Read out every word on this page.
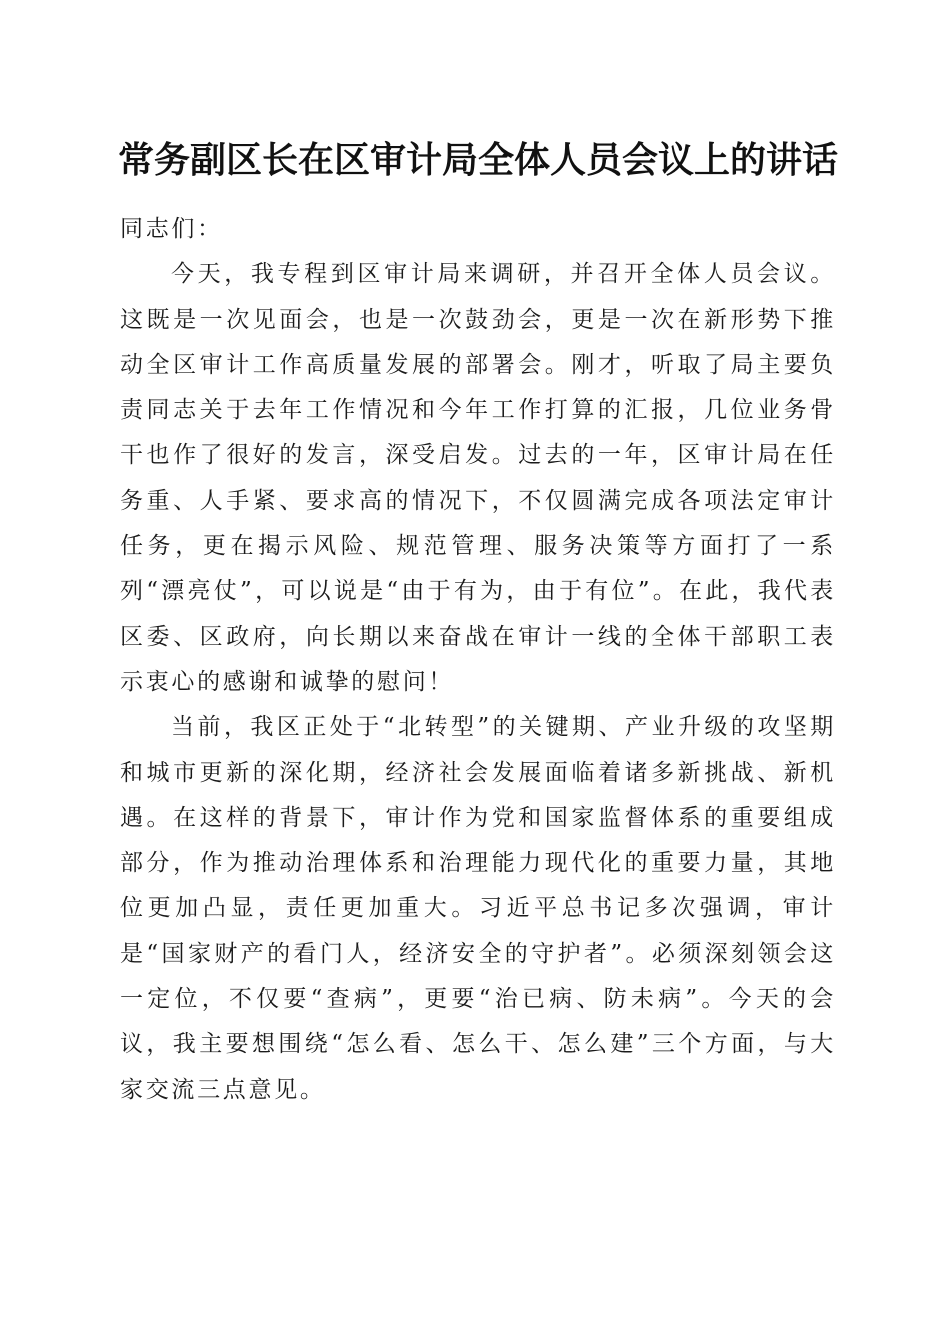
常务副区长在区审计局全体人员会议上的讲话

同志们：

今天，我专程到区审计局来调研，并召开全体人员会议。这既是一次见面会，也是一次鼓劲会，更是一次在新形势下推动全区审计工作高质量发展的部署会。刚才，听取了局主要负责同志关于去年工作情况和今年工作打算的汇报，几位业务骨干也作了很好的发言，深受启发。过去的一年，区审计局在任务重、人手紧、要求高的情况下，不仅圆满完成各项法定审计任务，更在揭示风险、规范管理、服务决策等方面打了一系列“漂亮仗”，可以说是“由于有为，由于有位”。在此，我代表区委、区政府，向长期以来奋战在审计一线的全体干部职工表示衷心的感谢和诚挚的慰问！

当前，我区正处于“北转型”的关键期、产业升级的攻坚期和城市更新的深化期，经济社会发展面临着诸多新挑战、新机遇。在这样的背景下，审计作为党和国家监督体系的重要组成部分，作为推动治理体系和治理能力现代化的重要力量，其地位更加凸显，责任更加重大。习近平总书记多次强调，审计是“国家财产的看门人，经济安全的守护者”。必须深刻领会这一定位，不仅要“查病”，更要“治已病、防未病”。今天的会议，我主要想围绕“怎么看、怎么干、怎么建”三个方面，与大家交流三点意见。
